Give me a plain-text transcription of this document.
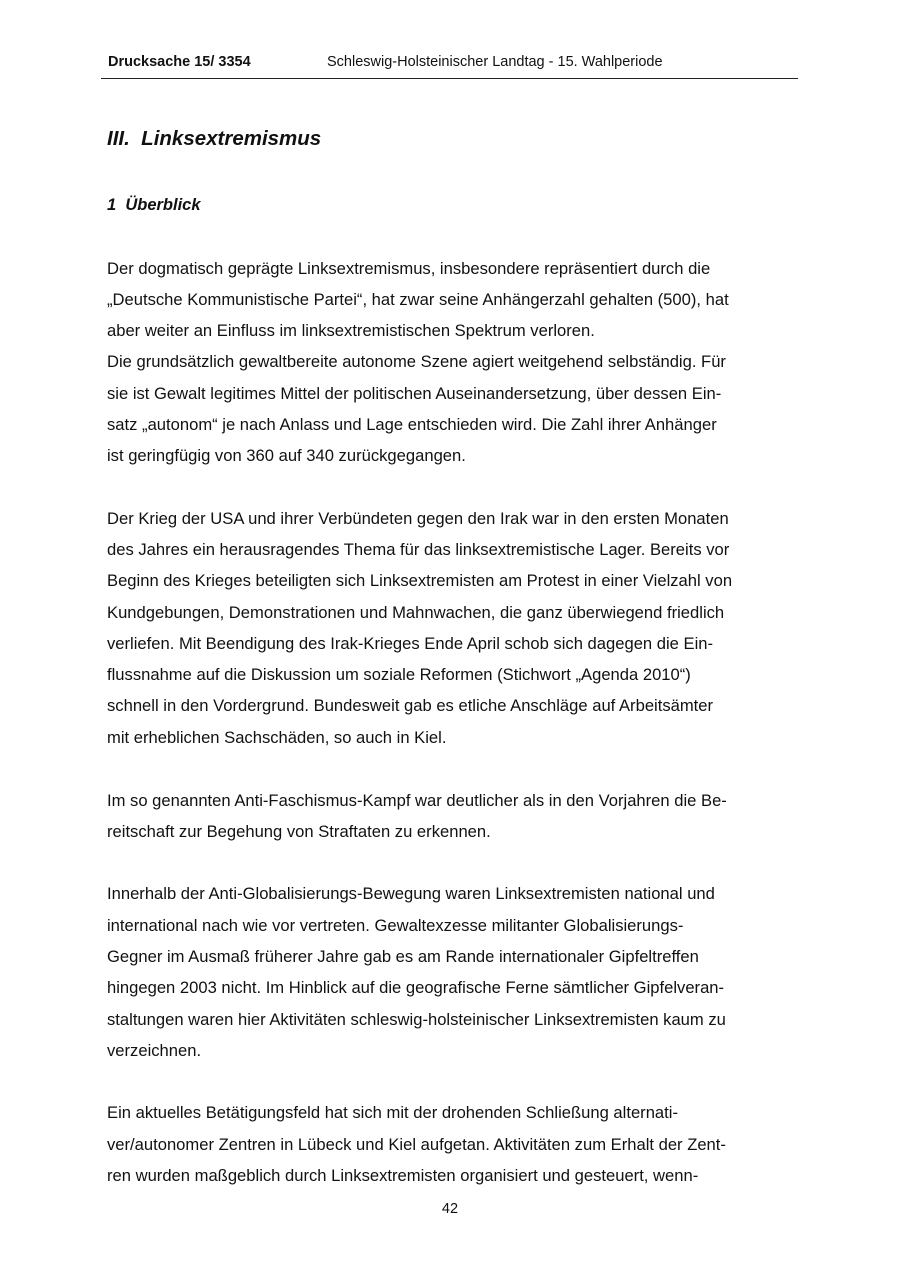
Drucksache 15/ 3354	Schleswig-Holsteinischer Landtag - 15. Wahlperiode
III.  Linksextremismus
1  Überblick
Der dogmatisch geprägte Linksextremismus, insbesondere repräsentiert durch die
„Deutsche Kommunistische Partei“, hat zwar seine Anhängerzahl gehalten (500), hat
aber weiter an Einfluss im linksextremistischen Spektrum verloren.
Die grundsätzlich gewaltbereite autonome Szene agiert weitgehend selbständig. Für
sie ist Gewalt legitimes Mittel der politischen Auseinandersetzung, über dessen Ein-
satz „autonom“ je nach Anlass und Lage entschieden wird. Die Zahl ihrer Anhänger
ist geringfügig von 360 auf 340 zurückgegangen.
Der Krieg der USA und ihrer Verbündeten gegen den Irak war in den ersten Monaten
des Jahres ein herausragendes Thema für das linksextremistische Lager. Bereits vor
Beginn des Krieges beteiligten sich Linksextremisten am Protest in einer Vielzahl von
Kundgebungen, Demonstrationen und Mahnwachen, die ganz überwiegend friedlich
verliefen. Mit Beendigung des Irak-Krieges Ende April schob sich dagegen die Ein-
flussnahme auf die Diskussion um soziale Reformen (Stichwort „Agenda 2010“)
schnell in den Vordergrund. Bundesweit gab es etliche Anschläge auf Arbeitsämter
mit erheblichen Sachschäden, so auch in Kiel.
Im so genannten Anti-Faschismus-Kampf war deutlicher als in den Vorjahren die Be-
reitschaft zur Begehung von Straftaten zu erkennen.
Innerhalb der Anti-Globalisierungs-Bewegung waren Linksextremisten national und
international nach wie vor vertreten. Gewaltexzesse militanter Globalisierungs-
Gegner im Ausmaß früherer Jahre gab es am Rande internationaler Gipfeltreffen
hingegen 2003 nicht. Im Hinblick auf die geografische Ferne sämtlicher Gipfelveran-
staltungen waren hier Aktivitäten schleswig-holsteinischer Linksextremisten kaum zu
verzeichnen.
Ein aktuelles Betätigungsfeld hat sich mit der drohenden Schließung alternati-
ver/autonomer Zentren in Lübeck und Kiel aufgetan. Aktivitäten zum Erhalt der Zent-
ren wurden maßgeblich durch Linksextremisten organisiert und gesteuert, wenn-
42
